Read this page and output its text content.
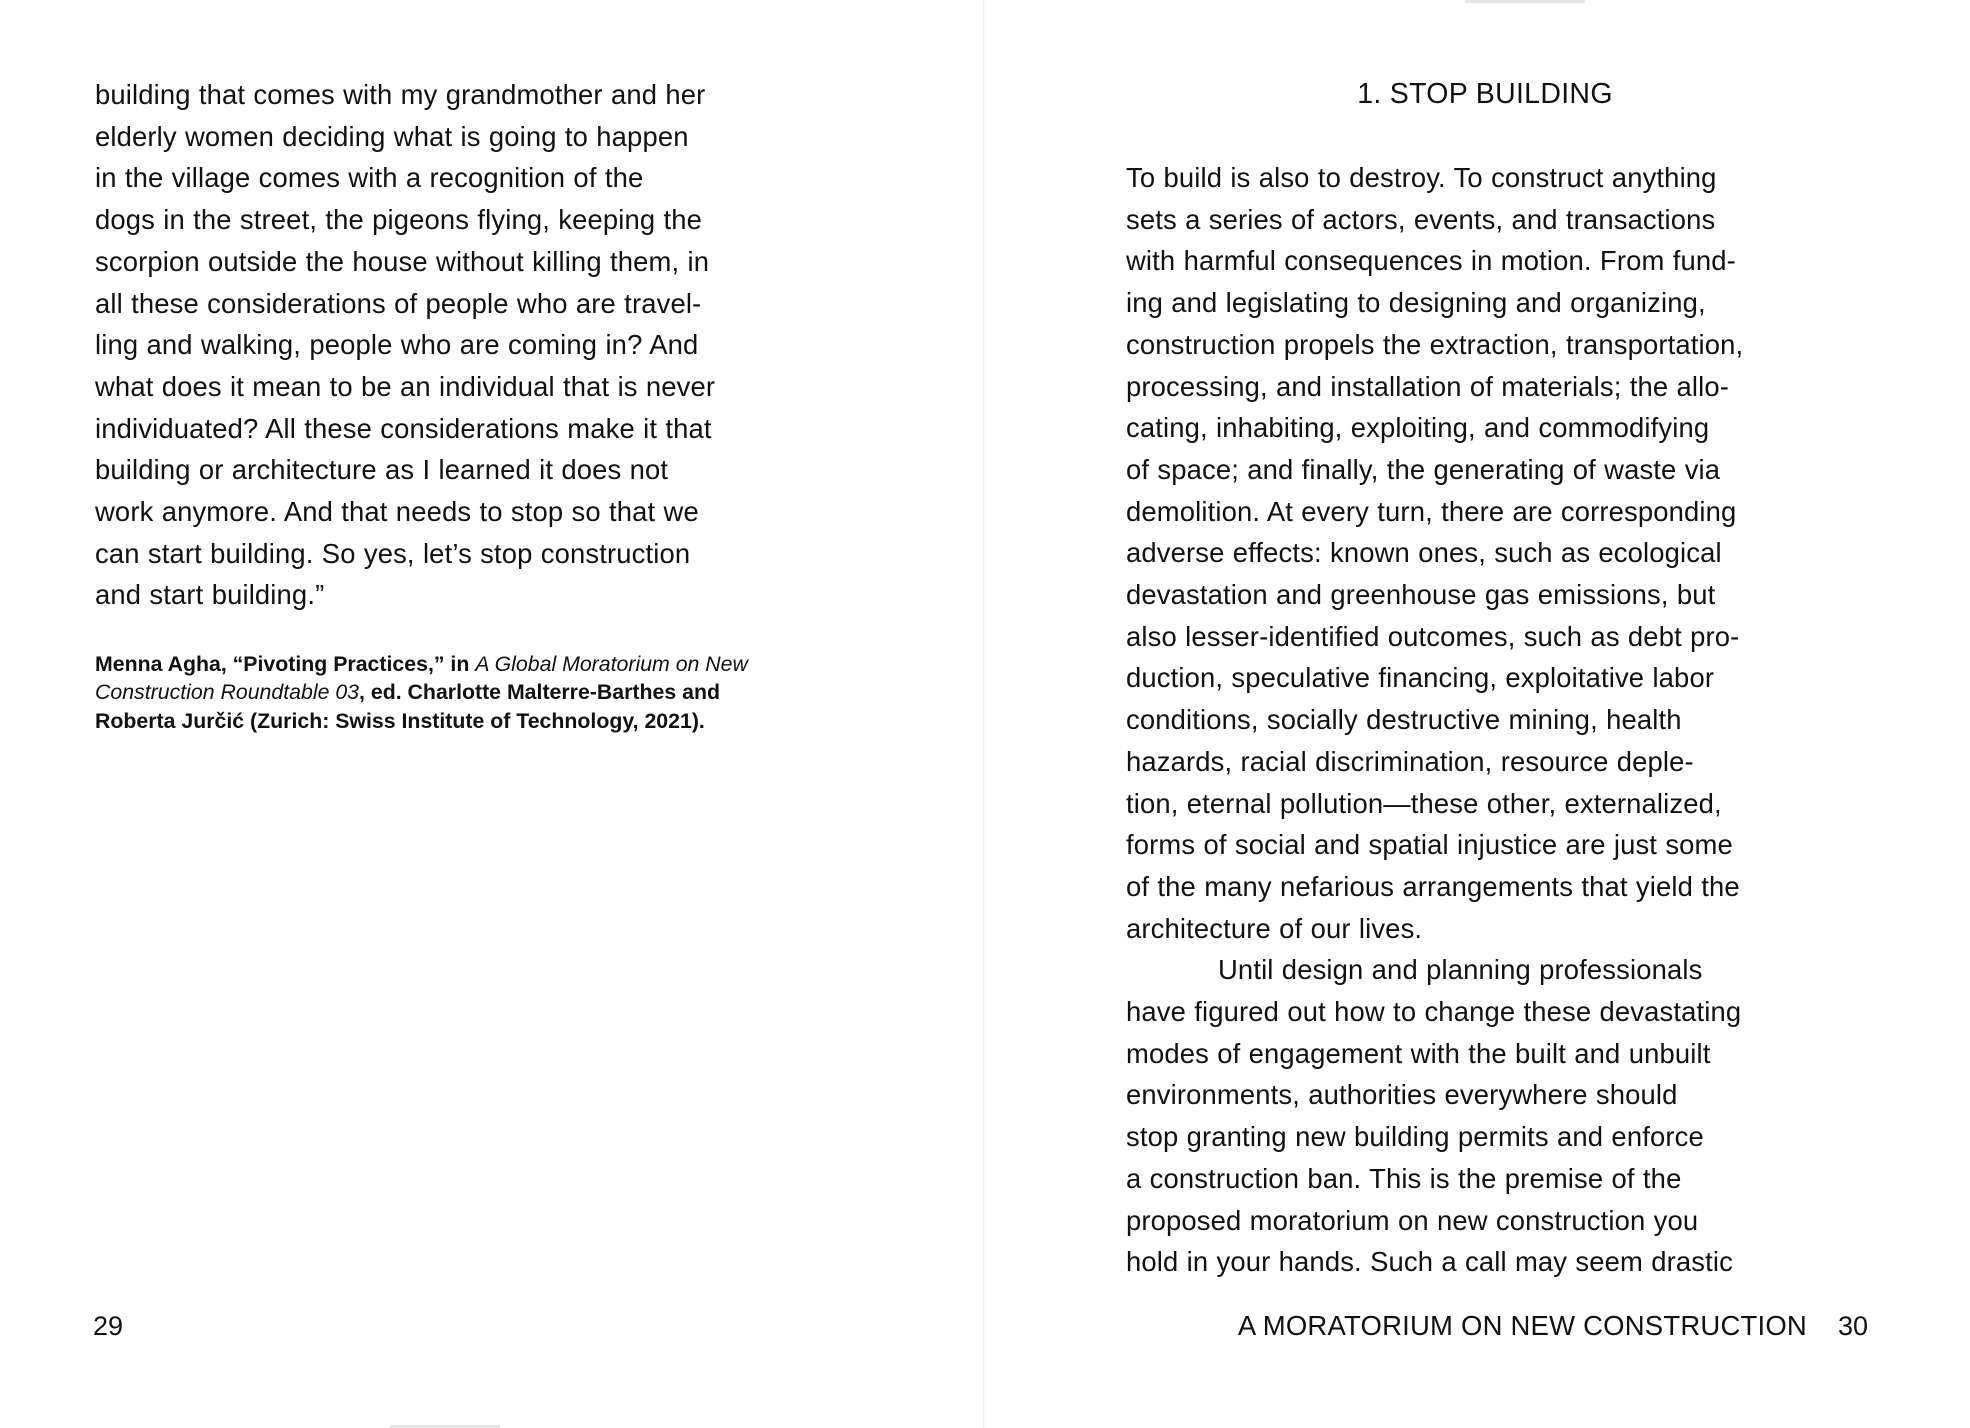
building that comes with my grandmother and her
elderly women deciding what is going to happen
in the village comes with a recognition of the
dogs in the street, the pigeons flying, keeping the
scorpion outside the house without killing them, in
all these considerations of people who are travel-
ling and walking, people who are coming in? And
what does it mean to be an individual that is never
individuated? All these considerations make it that
building or architecture as I learned it does not
work anymore. And that needs to stop so that we
can start building. So yes, let’s stop construction
and start building.”
Menna Agha, “Pivoting Practices,” in A Global Moratorium on New
Construction Roundtable 03, ed. Charlotte Malterre-Barthes and
Roberta Jurčić (Zurich: Swiss Institute of Technology, 2021).
29
1. STOP BUILDING
To build is also to destroy. To construct anything
sets a series of actors, events, and transactions
with harmful consequences in motion. From fund-
ing and legislating to designing and organizing,
construction propels the extraction, transportation,
processing, and installation of materials; the allo-
cating, inhabiting, exploiting, and commodifying
of space; and finally, the generating of waste via
demolition. At every turn, there are corresponding
adverse effects: known ones, such as ecological
devastation and greenhouse gas emissions, but
also lesser-identified outcomes, such as debt pro-
duction, speculative financing, exploitative labor
conditions, socially destructive mining, health
hazards, racial discrimination, resource deple-
tion, eternal pollution—these other, externalized,
forms of social and spatial injustice are just some
of the many nefarious arrangements that yield the
architecture of our lives.
Until design and planning professionals
have figured out how to change these devastating
modes of engagement with the built and unbuilt
environments, authorities everywhere should
stop granting new building permits and enforce
a construction ban. This is the premise of the
proposed moratorium on new construction you
hold in your hands. Such a call may seem drastic
A MORATORIUM ON NEW CONSTRUCTION 30
